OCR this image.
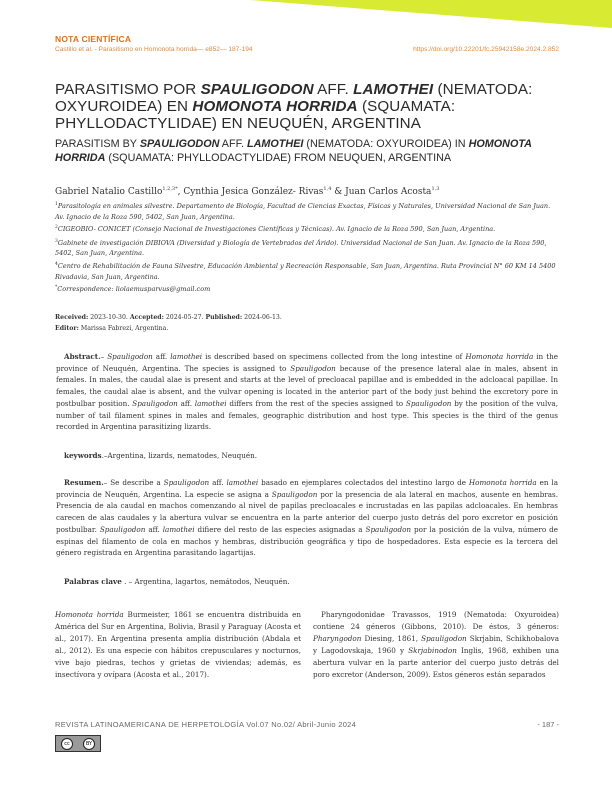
NOTA CIENTÍFICA
Castillo et al. - Parasitismo en Homonota horrida— e852— 187-194	https://doi.org/10.22201/fc.25942158e.2024.2.852
PARASITISMO POR SPAULIGODON AFF. LAMOTHEI (NEMATODA: OXYUROIDEA) EN HOMONOTA HORRIDA (SQUAMATA: PHYLLODACTYLIDAE) EN NEUQUÉN, ARGENTINA
PARASITISM BY SPAULIGODON AFF. LAMOTHEI (NEMATODA: OXYUROIDEA) IN HOMONOTA HORRIDA (SQUAMATA: PHYLLODACTYLIDAE) FROM NEUQUEN, ARGENTINA
Gabriel Natalio Castillo$^{1,2,3*}$, Cynthia Jesica González- Rivas$^{1,4}$ & Juan Carlos Acosta$^{1,3}$

$^1$Parasitología en animales silvestre. Departamento de Biología, Facultad de Ciencias Exactas, Físicas y Naturales, Universidad Nacional de San Juan. Av. Ignacio de la Roza 590, 5402, San Juan, Argentina.

$^2$CIGEOBIO- CONICET (Consejo Nacional de Investigaciones Científicas y Técnicas). Av. Ignacio de la Roza 590, San Juan, Argentina.

$^3$Gabinete de investigación DIBIOVA (Diversidad y Biología de Vertebrados del Árido). Universidad Nacional de San Juan. Av. Ignacio de la Roza 590, 5402, San Juan, Argentina.

$^4$Centro de Rehabilitación de Fauna Silvestre, Educación Ambiental y Recreación Responsable, San Juan, Argentina. Ruta Provincial N° 60 KM 14 5400 Rivadavia, San Juan, Argentina.

*Correspondence: liolaemusparvus@gmail.com

Received: 2023-10-30. Accepted: 2024-05-27. Published: 2024-06-13.
Editor: Marissa Fabrezi, Argentina.
Abstract.– Spauligodon aff. lamothei is described based on specimens collected from the long intestine of Homonota horrida in the province of Neuquén, Argentina. The species is assigned to Spauligodon because of the presence lateral alae in males, absent in females. In males, the caudal alae is present and starts at the level of precloacal papillae and is embedded in the adcloacal papillae. In females, the caudal alae is absent, and the vulvar opening is located in the anterior part of the body just behind the excretory pore in postbulbar position. Spauligodon aff. lamothei differs from the rest of the species assigned to Spauligodon by the position of the vulva, number of tail filament spines in males and females, geographic distribution and host type. This species is the third of the genus recorded in Argentina parasitizing lizards.
keywords.–Argentina, lizards, nematodes, Neuquén.
Resumen.– Se describe a Spauligodon aff. lamothei basado en ejemplares colectados del intestino largo de Homonota horrida en la provincia de Neuquén, Argentina. La especie se asigna a Spauligodon por la presencia de ala lateral en machos, ausente en hembras. Presencia de ala caudal en machos comenzando al nivel de papilas precloacales e incrustadas en las papilas adcloacales. En hembras carecen de alas caudales y la abertura vulvar se encuentra en la parte anterior del cuerpo justo detrás del poro excretor en posición postbulbar. Spauligodon aff. lamothei difiere del resto de las especies asignadas a Spauligodon por la posición de la vulva, número de espinas del filamento de cola en machos y hembras, distribución geográfica y tipo de hospedadores. Esta especie es la tercera del género registrada en Argentina parasitando lagartijas.
Palabras clave . – Argentina, lagartos, nemátodos, Neuquén.
Homonota horrida Burmeister, 1861 se encuentra distribuida en América del Sur en Argentina, Bolivia, Brasil y Paraguay (Acosta et al., 2017). En Argentina presenta amplia distribución (Abdala et al., 2012). Es una especie con hábitos crepusculares y nocturnos, vive bajo piedras, techos y grietas de viviendas; además, es insectívora y ovípara (Acosta et al., 2017).
Pharyngodonidae Travassos, 1919 (Nematoda: Oxyuroidea) contiene 24 géneros (Gibbons, 2010). De éstos, 3 géneros: Pharyngodon Diesing, 1861, Spauligodon Skrjabin, Schikhobalova y Lagodovskaja, 1960 y Skrjabinodon Inglis, 1968, exhiben una abertura vulvar en la parte anterior del cuerpo justo detrás del poro excretor (Anderson, 2009). Estos géneros están separados
REVISTA LATINOAMERICANA DE HERPETOLOGÍA Vol.07 No.02/ Abril-Junio 2024	- 187 -
cc	BY
